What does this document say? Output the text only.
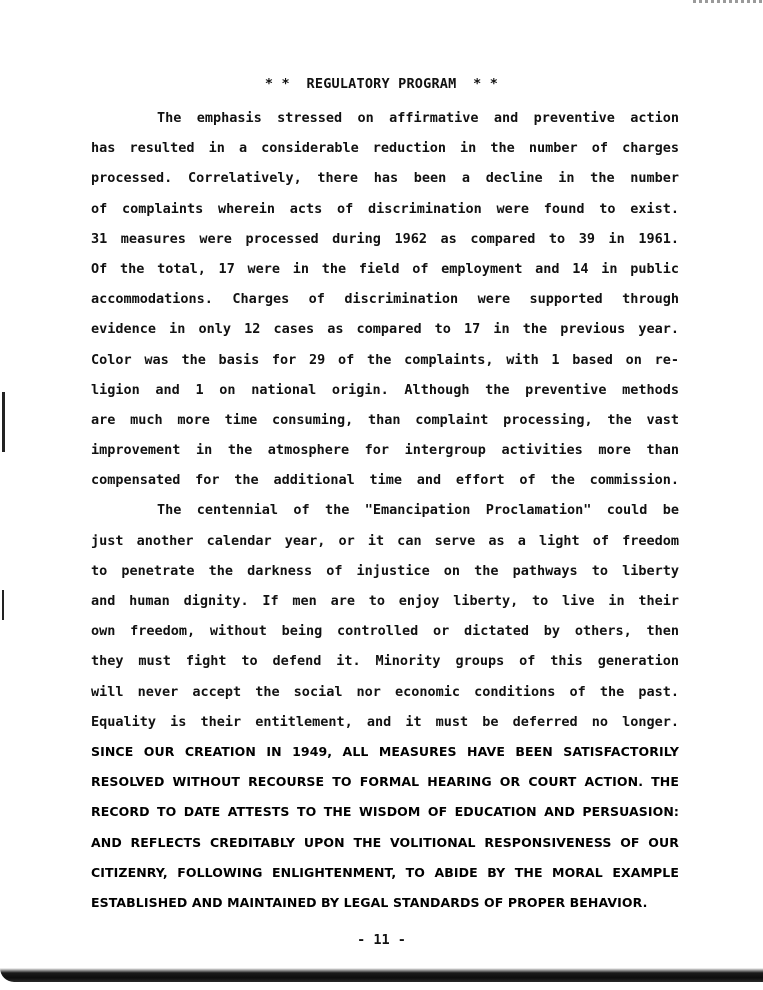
* *  REGULATORY PROGRAM  * *
The emphasis stressed on affirmative and preventive action
has resulted in a considerable reduction in the number of charges
processed. Correlatively, there has been a decline in the number
of complaints wherein acts of discrimination were found to exist.
31 measures were processed during 1962 as compared to 39 in 1961.
Of the total, 17 were in the field of employment and 14 in public
accommodations. Charges of discrimination were supported through
evidence in only 12 cases as compared to 17 in the previous year.
Color was the basis for 29 of the complaints, with 1 based on re-
ligion and 1 on national origin. Although the preventive methods
are much more time consuming, than complaint processing, the vast
improvement in the atmosphere for intergroup activities more than
compensated for the additional time and effort of the commission.
The centennial of the "Emancipation Proclamation" could be
just another calendar year, or it can serve as a light of freedom
to penetrate the darkness of injustice on the pathways to liberty
and human dignity. If men are to enjoy liberty, to live in their
own freedom, without being controlled or dictated by others, then
they must fight to defend it. Minority groups of this generation
will never accept the social nor economic conditions of the past.
Equality is their entitlement, and it must be deferred no longer.
SINCE OUR CREATION IN 1949, ALL MEASURES HAVE BEEN SATISFACTORILY
RESOLVED WITHOUT RECOURSE TO FORMAL HEARING OR COURT ACTION. THE
RECORD TO DATE ATTESTS TO THE WISDOM OF EDUCATION AND PERSUASION:
AND REFLECTS CREDITABLY UPON THE VOLITIONAL RESPONSIVENESS OF OUR
CITIZENRY, FOLLOWING ENLIGHTENMENT, TO ABIDE BY THE MORAL EXAMPLE
ESTABLISHED AND MAINTAINED BY LEGAL STANDARDS OF PROPER BEHAVIOR.
- 11 -
